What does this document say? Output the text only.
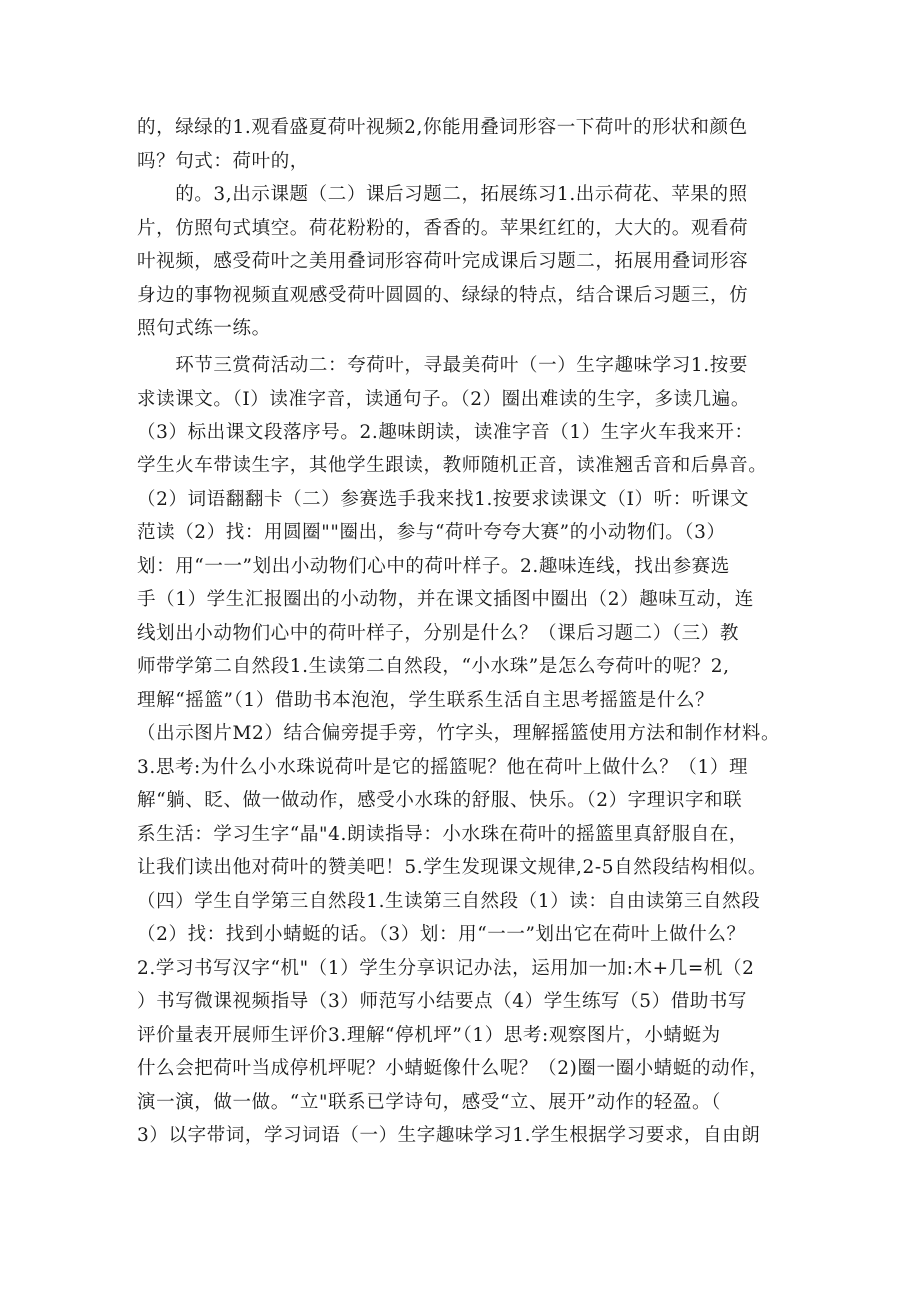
的，绿绿的1.观看盛夏荷叶视频2,你能用叠词形容一下荷叶的形状和颜色
吗？句式：荷叶的，
　　的。3,出示课题（二）课后习题二，拓展练习1.出示荷花、苹果的照
片，仿照句式填空。荷花粉粉的，香香的。苹果红红的，大大的。观看荷
叶视频，感受荷叶之美用叠词形容荷叶完成课后习题二，拓展用叠词形容
身边的事物视频直观感受荷叶圆圆的、绿绿的特点，结合课后习题三，仿
照句式练一练。
　　环节三赏荷活动二：夸荷叶，寻最美荷叶（一）生字趣味学习1.按要
求读课文。（I）读准字音，读通句子。（2）圈出难读的生字，多读几遍。
（3）标出课文段落序号。2.趣味朗读，读准字音（1）生字火车我来开：
学生火车带读生字，其他学生跟读，教师随机正音，读准翘舌音和后鼻音。
（2）词语翻翻卡（二）参赛选手我来找1.按要求读课文（I）听：听课文
范读（2）找：用圆圈""圈出，参与“荷叶夸夸大赛”的小动物们。（3）
划：用“一一”划出小动物们心中的荷叶样子。2.趣味连线，找出参赛选
手（1）学生汇报圈出的小动物，并在课文插图中圈出（2）趣味互动，连
线划出小动物们心中的荷叶样子，分别是什么？（课后习题二）（三）教
师带学第二自然段1.生读第二自然段，“小水珠”是怎么夸荷叶的呢？2,
理解“摇篮”（1）借助书本泡泡，学生联系生活自主思考摇篮是什么？
（出示图片M2）结合偏旁提手旁，竹字头，理解摇篮使用方法和制作材料。
3.思考:为什么小水珠说荷叶是它的摇篮呢？他在荷叶上做什么？（1）理
解“躺、眨、做一做动作，感受小水珠的舒服、快乐。（2）字理识字和联
系生活：学习生字“晶"4.朗读指导：小水珠在荷叶的摇篮里真舒服自在，
让我们读出他对荷叶的赞美吧！5.学生发现课文规律,2-5自然段结构相似。
（四）学生自学第三自然段1.生读第三自然段（1）读：自由读第三自然段
（2）找：找到小蜻蜓的话。（3）划：用“一一”划出它在荷叶上做什么？
2.学习书写汉字“机"（1）学生分享识记办法，运用加一加:木+几=机（2
）书写微课视频指导（3）师范写小结要点（4）学生练写（5）借助书写
评价量表开展师生评价3.理解“停机坪”（1）思考:观察图片，小蜻蜓为
什么会把荷叶当成停机坪呢？小蜻蜓像什么呢？（2)圈一圈小蜻蜓的动作，
演一演，做一做。“立"联系已学诗句，感受“立、展开”动作的轻盈。（
3）以字带词，学习词语（一）生字趣味学习1.学生根据学习要求，自由朗
